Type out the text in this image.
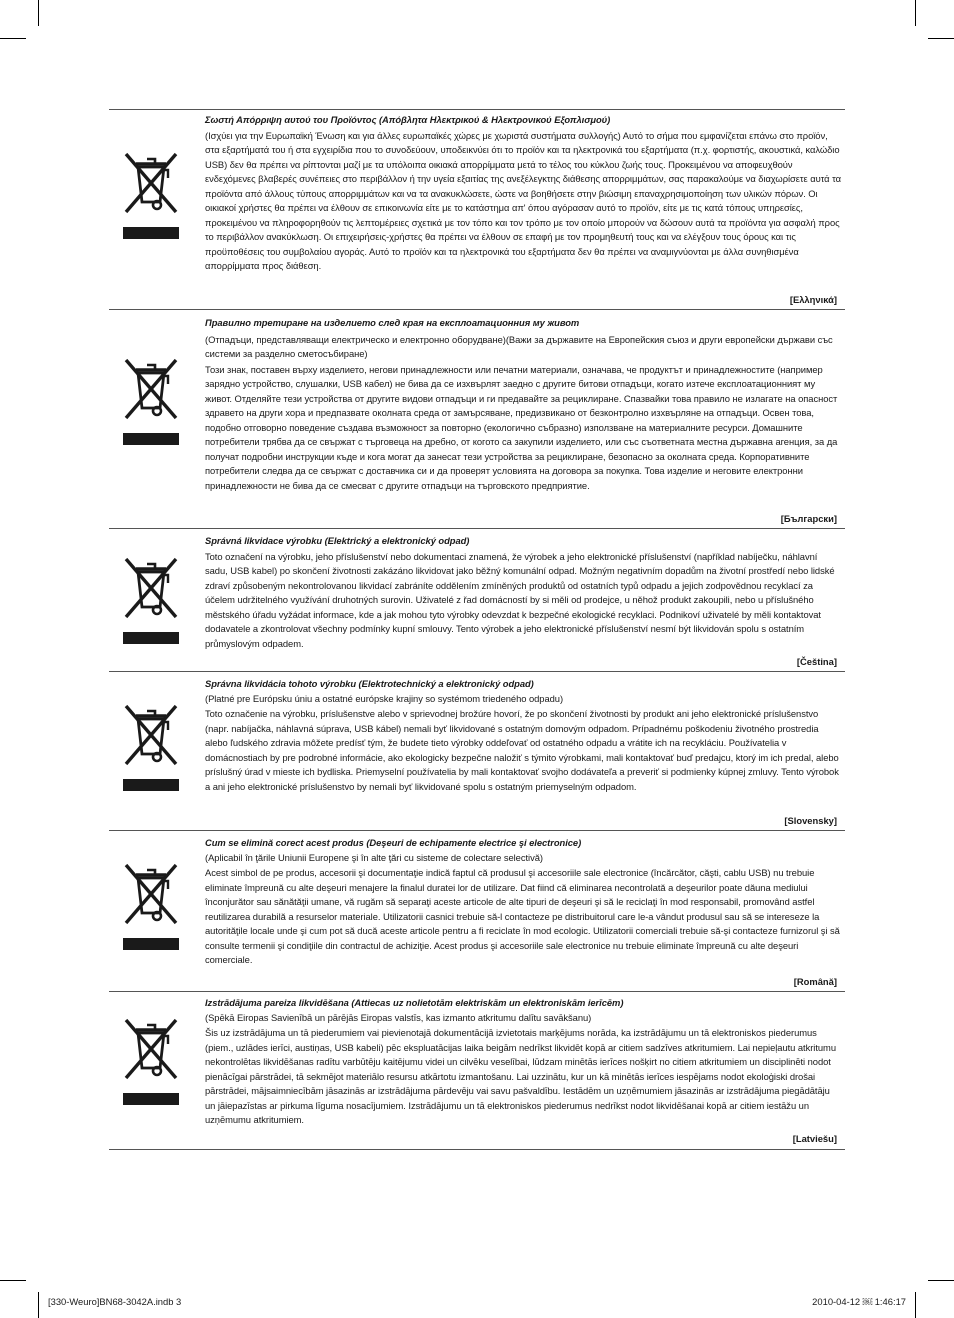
Σωστή Απόρριψη αυτού του Προϊόντος (Απόβλητα Ηλεκτρικού & Ηλεκτρονικού Εξοπλισμού)
(Ισχύει για την Ευρωπαϊκή Ένωση και για άλλες ευρωπαϊκές χώρες με χωριστά συστήματα συλλογής) Αυτό το σήμα που εμφανίζεται επάνω στο προϊόν, στα εξαρτήματά του ή στα εγχειρίδια που το συνοδεύουν, υποδεικνύει ότι το προϊόν και τα ηλεκτρονικά του εξαρτήματα (π.χ. φορτιστής, ακουστικά, καλώδιο USB) δεν θα πρέπει να ρίπτονται μαζί με τα υπόλοιπα οικιακά απορρίμματα μετά το τέλος του κύκλου ζωής τους. Προκειμένου να αποφευχθούν ενδεχόμενες βλαβερές συνέπειες στο περιβάλλον ή την υγεία εξαιτίας της ανεξέλεγκτης διάθεσης απορριμμάτων, σας παρακαλούμε να διαχωρίσετε αυτά τα προϊόντα από άλλους τύπους απορριμμάτων και να τα ανακυκλώσετε, ώστε να βοηθήσετε στην βιώσιμη επαναχρησιμοποίηση των υλικών πόρων. Οι οικιακοί χρήστες θα πρέπει να έλθουν σε επικοινωνία είτε με το κατάστημα απ' όπου αγόρασαν αυτό το προϊόν, είτε με τις κατά τόπους υπηρεσίες, προκειμένου να πληροφορηθούν τις λεπτομέρειες σχετικά με τον τόπο και τον τρόπο με τον οποίο μπορούν να δώσουν αυτά τα προϊόντα για ασφαλή προς το περιβάλλον ανακύκλωση. Οι επιχειρήσεις-χρήστες θα πρέπει να έλθουν σε επαφή με τον προμηθευτή τους και να ελέγξουν τους όρους και τις προϋποθέσεις του συμβολαίου αγοράς. Αυτό το προϊόν και τα ηλεκτρονικά του εξαρτήματα δεν θα πρέπει να αναμιγνύονται με άλλα συνηθισμένα απορρίμματα προς διάθεση.
[Ελληνικά]
Правилно третиране на изделието след края на експлоатационния му живот
(Отпадъци, представляващи електрическо и електронно оборудване)(Важи за държавите на Европейския съюз и други европейски държави със системи за разделно сметосъбиране)
Този знак, поставен върху изделието, негови принадлежности или печатни материали, означава, че продуктът и принадлежностите (например зарядно устройство, слушалки, USB кабел) не бива да се изхвърлят заедно с другите битови отпадъци, когато изтече експлоатационният му живот. Отделяйте тези устройства от другите видови отпадъци и ги предавайте за рециклиране. Спазвайки това правило не излагате на опасност здравето на други хора и предпазвате околната среда от замърсяване, предизвикано от безконтролно изхвърляне на отпадъци. Освен това, подобно отговорно поведение създава възможност за повторно (екологично събразно) използване на материалните ресурси. Домашните потребители трябва да се свържат с търговеца на дребно, от когото са закупили изделието, или със съответната местна държавна агенция, за да получат подробни инструкции къде и кога могат да занесат тези устройства за рециклиране, безопасно за околната среда. Корпоративните потребители следва да се свържат с доставчика си и да проверят условията на договора за покупка. Това изделие и неговите електронни принадлежности не бива да се смесват с другите отпадъци на търговското предприятие.
[Български]
Správná likvidace výrobku (Elektrický a elektronický odpad)
Toto označení na výrobku, jeho příslušenství nebo dokumentaci znamená, že výrobek a jeho elektronické příslušenství (například nabíječku, náhlavní sadu, USB kabel) po skončení životnosti zakázáno likvidovat jako běžný komunální odpad. Možným negativním dopadům na životní prostředí nebo lidské zdraví způsobeným nekontrolovanou likvidací zabráníte oddělením zmíněných produktů od ostatních typů odpadu a jejich zodpovědnou recyklací za účelem udržitelného využívání druhotných surovin. Uživatelé z řad domácností by si měli od prodejce, u něhož produkt zakoupili, nebo u příslušného městského úřadu vyžádat informace, kde a jak mohou tyto výrobky odevzdat k bezpečné ekologické recyklaci. Podnikoví uživatelé by měli kontaktovat dodavatele a zkontrolovat všechny podmínky kupní smlouvy. Tento výrobek a jeho elektronické příslušenství nesmí být likvidován spolu s ostatním průmyslovým odpadem.
[Čeština]
Správna likvidácia tohoto výrobku (Elektrotechnický a elektronický odpad)
(Platné pre Európsku úniu a ostatné európske krajiny so systémom triedeného odpadu)
Toto označenie na výrobku, príslušenstve alebo v sprievodnej brožúre hovorí, že po skončení životnosti by produkt ani jeho elektronické príslušenstvo (napr. nabíjačka, náhlavná súprava, USB kábel) nemali byť likvidované s ostatným domovým odpadom. Prípadnému poškodeniu životného prostredia alebo ľudského zdravia môžete predísť tým, že budete tieto výrobky oddeľovať od ostatného odpadu a vrátite ich na recykláciu. Používatelia v domácnostiach by pre podrobné informácie, ako ekologicky bezpečne naložiť s týmito výrobkami, mali kontaktovať buď predajcu, ktorý im ich predal, alebo príslušný úrad v mieste ich bydliska. Priemyselní používatelia by mali kontaktovať svojho dodávateľa a preveriť si podmienky kúpnej zmluvy. Tento výrobok a ani jeho elektronické príslušenstvo by nemali byť likvidované spolu s ostatným priemyselným odpadom.
[Slovensky]
Cum se elimină corect acest produs (Deşeuri de echipamente electrice şi electronice)
(Aplicabil în ţările Uniunii Europene şi în alte ţări cu sisteme de colectare selectivă)
Acest simbol de pe produs, accesorii şi documentaţie indică faptul că produsul şi accesoriile sale electronice (încărcător, căşti, cablu USB) nu trebuie eliminate împreună cu alte deşeuri menajere la finalul duratei lor de utilizare. Dat fiind că eliminarea necontrolată a deşeurilor poate dăuna mediului înconjurător sau sănătăţii umane, vă rugăm să separaţi aceste articole de alte tipuri de deşeuri şi să le reciclaţi în mod responsabil, promovând astfel reutilizarea durabilă a resurselor materiale. Utilizatorii casnici trebuie să-l contacteze pe distribuitorul care le-a vândut produsul sau să se intereseze la autorităţile locale unde şi cum pot să ducă aceste articole pentru a fi reciclate în mod ecologic. Utilizatorii comerciali trebuie să-şi contacteze furnizorul şi să consulte termenii şi condiţiile din contractul de achiziţie. Acest produs şi accesoriile sale electronice nu trebuie eliminate împreună cu alte deşeuri comerciale.
[Română]
Izstrādājuma pareiza likvidēšana (Attiecas uz nolietotām elektriskām un elektroniskām ierīcēm)
(Spēkā Eiropas Savienībā un pārējās Eiropas valstīs, kas izmanto atkritumu dalītu savākšanu)
Šis uz izstrādājuma un tā piederumiem vai pievienotajā dokumentācijā izvietotais marķējums norāda, ka izstrādājumu un tā elektroniskos piederumus (piem., uzlādes ierīci, austiņas, USB kabeli) pēc ekspluatācijas laika beigām nedrīkst likvidēt kopā ar citiem sadzīves atkritumiem. Lai nepieļautu atkritumu nekontrolētas likvidēšanas radītu varbūtēju kaitējumu videi un cilvēku veselībai, lūdzam minētās ierīces nošķirt no citiem atkritumiem un disciplinēti nodot pienācīgai pārstrādei, tā sekmējot materiālo resursu atkārtotu izmantošanu. Lai uzzinātu, kur un kā minētās ierīces iespējams nodot ekoloģiski drošai pārstrādei, mājsaimniecībām jāsazinās ar izstrādājuma pārdevēju vai savu pašvaldību. Iestādēm un uzņēmumiem jāsazinās ar izstrādājuma piegādātāju un jāiepazīstas ar pirkuma līguma nosacījumiem. Izstrādājumu un tā elektroniskos piederumus nedrīkst nodot likvidēšanai kopā ar citiem iestāžu un uzņēmumu atkritumiem.
[Latviešu]
[330-Weuro]BN68-3042A.indb 3	2010-04-12 ￼ 1:46:17
